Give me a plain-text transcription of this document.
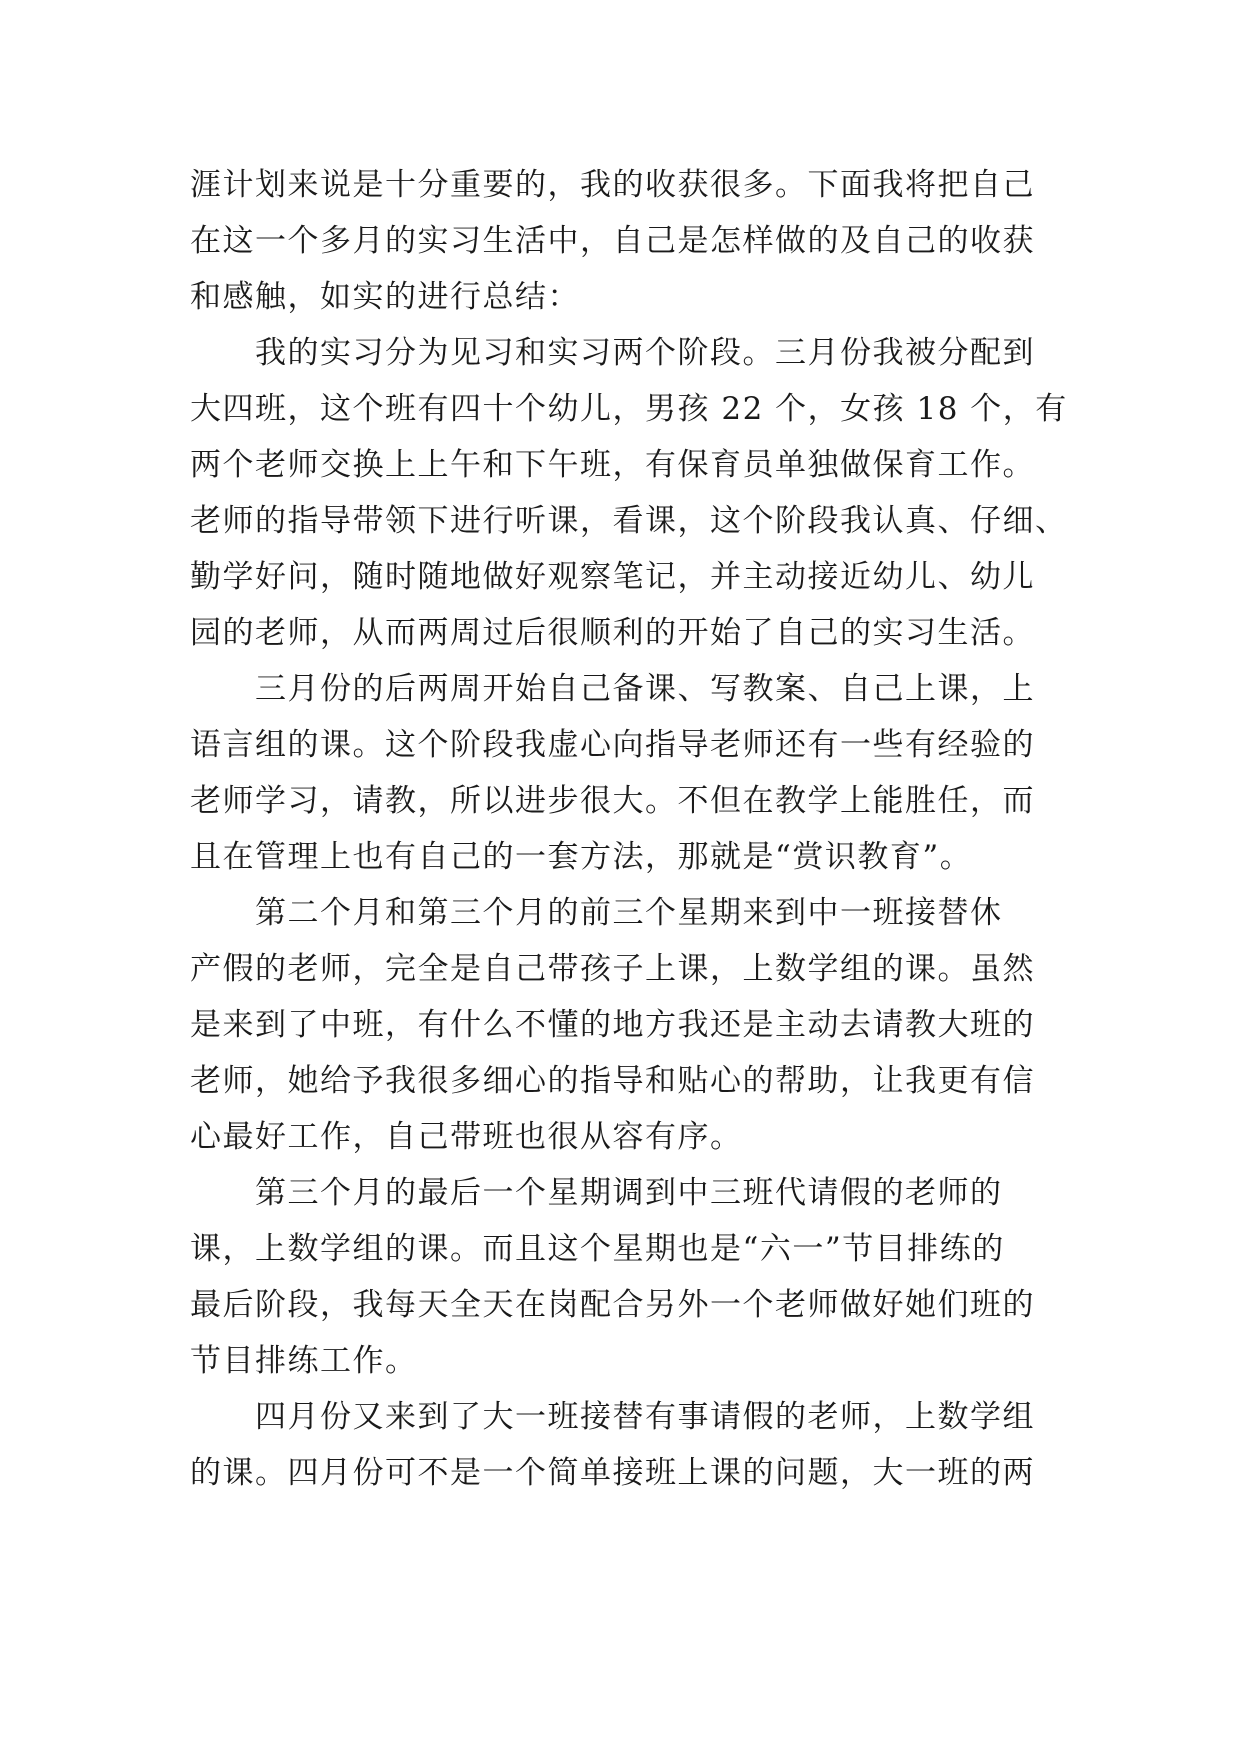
涯计划来说是十分重要的，我的收获很多。下面我将把自己
在这一个多月的实习生活中，自己是怎样做的及自己的收获
和感触，如实的进行总结：
　　我的实习分为见习和实习两个阶段。三月份我被分配到
大四班，这个班有四十个幼儿，男孩 22 个，女孩 18 个，有
两个老师交换上上午和下午班，有保育员单独做保育工作。
老师的指导带领下进行听课，看课，这个阶段我认真、仔细、
勤学好问，随时随地做好观察笔记，并主动接近幼儿、幼儿
园的老师，从而两周过后很顺利的开始了自己的实习生活。
　　三月份的后两周开始自己备课、写教案、自己上课，上
语言组的课。这个阶段我虚心向指导老师还有一些有经验的
老师学习，请教，所以进步很大。不但在教学上能胜任，而
且在管理上也有自己的一套方法，那就是“赏识教育”。
　　第二个月和第三个月的前三个星期来到中一班接替休
产假的老师，完全是自己带孩子上课，上数学组的课。虽然
是来到了中班，有什么不懂的地方我还是主动去请教大班的
老师，她给予我很多细心的指导和贴心的帮助，让我更有信
心最好工作，自己带班也很从容有序。
　　第三个月的最后一个星期调到中三班代请假的老师的
课，上数学组的课。而且这个星期也是“六一”节目排练的
最后阶段，我每天全天在岗配合另外一个老师做好她们班的
节目排练工作。
　　四月份又来到了大一班接替有事请假的老师，上数学组
的课。四月份可不是一个简单接班上课的问题，大一班的两
